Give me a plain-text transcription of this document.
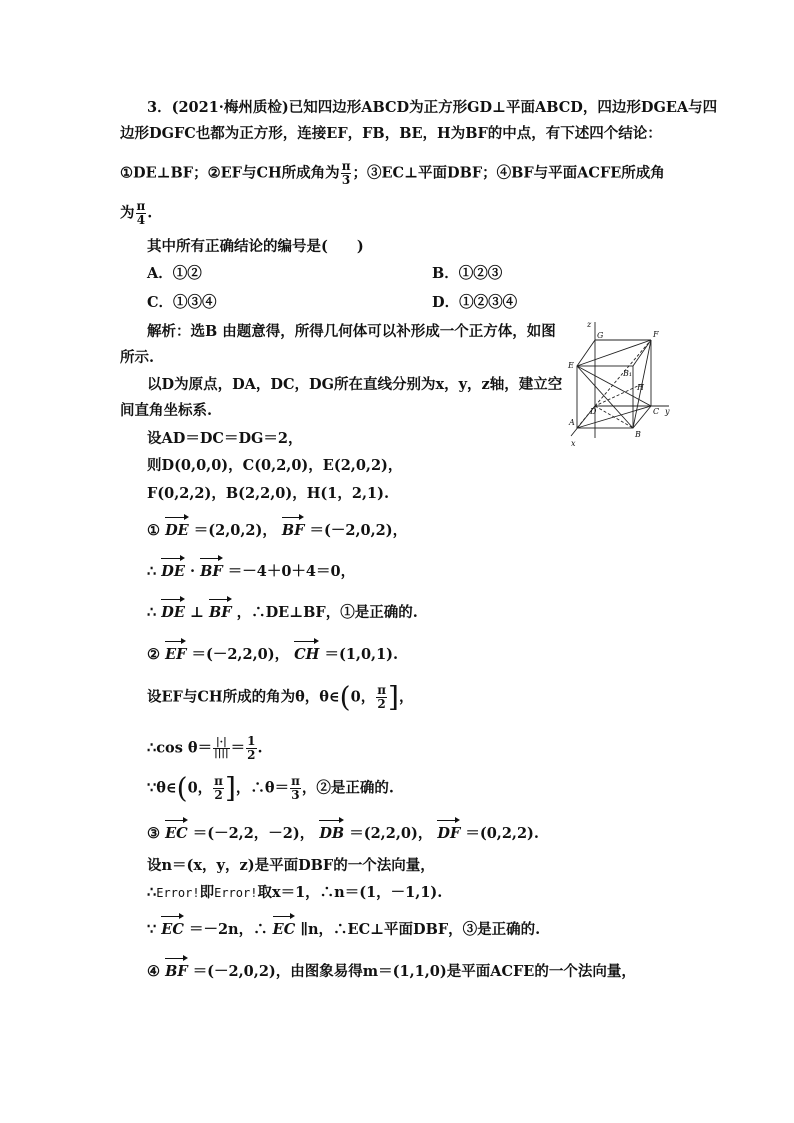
3．(2021·梅州质检)已知四边形ABCD为正方形GD⊥平面ABCD，四边形DGEA与四
边形DGFC也都为正方形，连接EF，FB，BE，H为BF的中点，有下述四个结论：
①DE⊥BF；②EF与CH所成角为 $\frac{\pi}{3}$ ；③EC⊥平面DBF；④BF与平面ACFE所成角
为 $\frac{\pi}{4}$ .
其中所有正确结论的编号是(　　)
A．①②	B．①②③
C．①③④	D．①②③④
解析：选B 由题意得，所得几何体可以补形成一个正方体，如图
所示.
以D为原点，DA，DC，DG所在直线分别为x，y，z轴，建立空
间直角坐标系.
设AD＝DC＝DG＝2，
则D(0,0,0)，C(0,2,0)，E(2,0,2)，
F(0,2,2)，B(2,2,0)，H(1，2,1).
① DE ＝(2,0,2)， BF ＝(－2,0,2)，
∴ DE · BF ＝－4＋0＋4＝0，
∴ DE ⊥ BF ，∴DE⊥BF，①是正确的.
② EF ＝(－2,2,0)， CH ＝(1,0,1).
设EF与CH所成的角为θ，θ∈(0， $\frac{\pi}{2}$ ]，
∴cos $\theta= \frac{|\cdot|}{||||} = \frac{1}{2}$ .
∵θ∈(0， $\frac{\pi}{2}$ ]，∴θ＝ $\frac{\pi}{3}$ ，②是正确的.
③ EC ＝(－2,2，－2)， DB ＝(2,2,0)， DF ＝(0,2,2).
设n＝(x，y，z)是平面DBF的一个法向量，
∴Error!即Error!取x＝1，∴n＝(1，－1,1).
∵ EC ＝－2n，∴ EC ∥n，∴EC⊥平面DBF，③是正确的.
④ BF ＝(－2,0,2)，由图象易得m＝(1,1,0)是平面ACFE的一个法向量，
z
y
x
G	F
E
B₁
D
H
C
A
B
